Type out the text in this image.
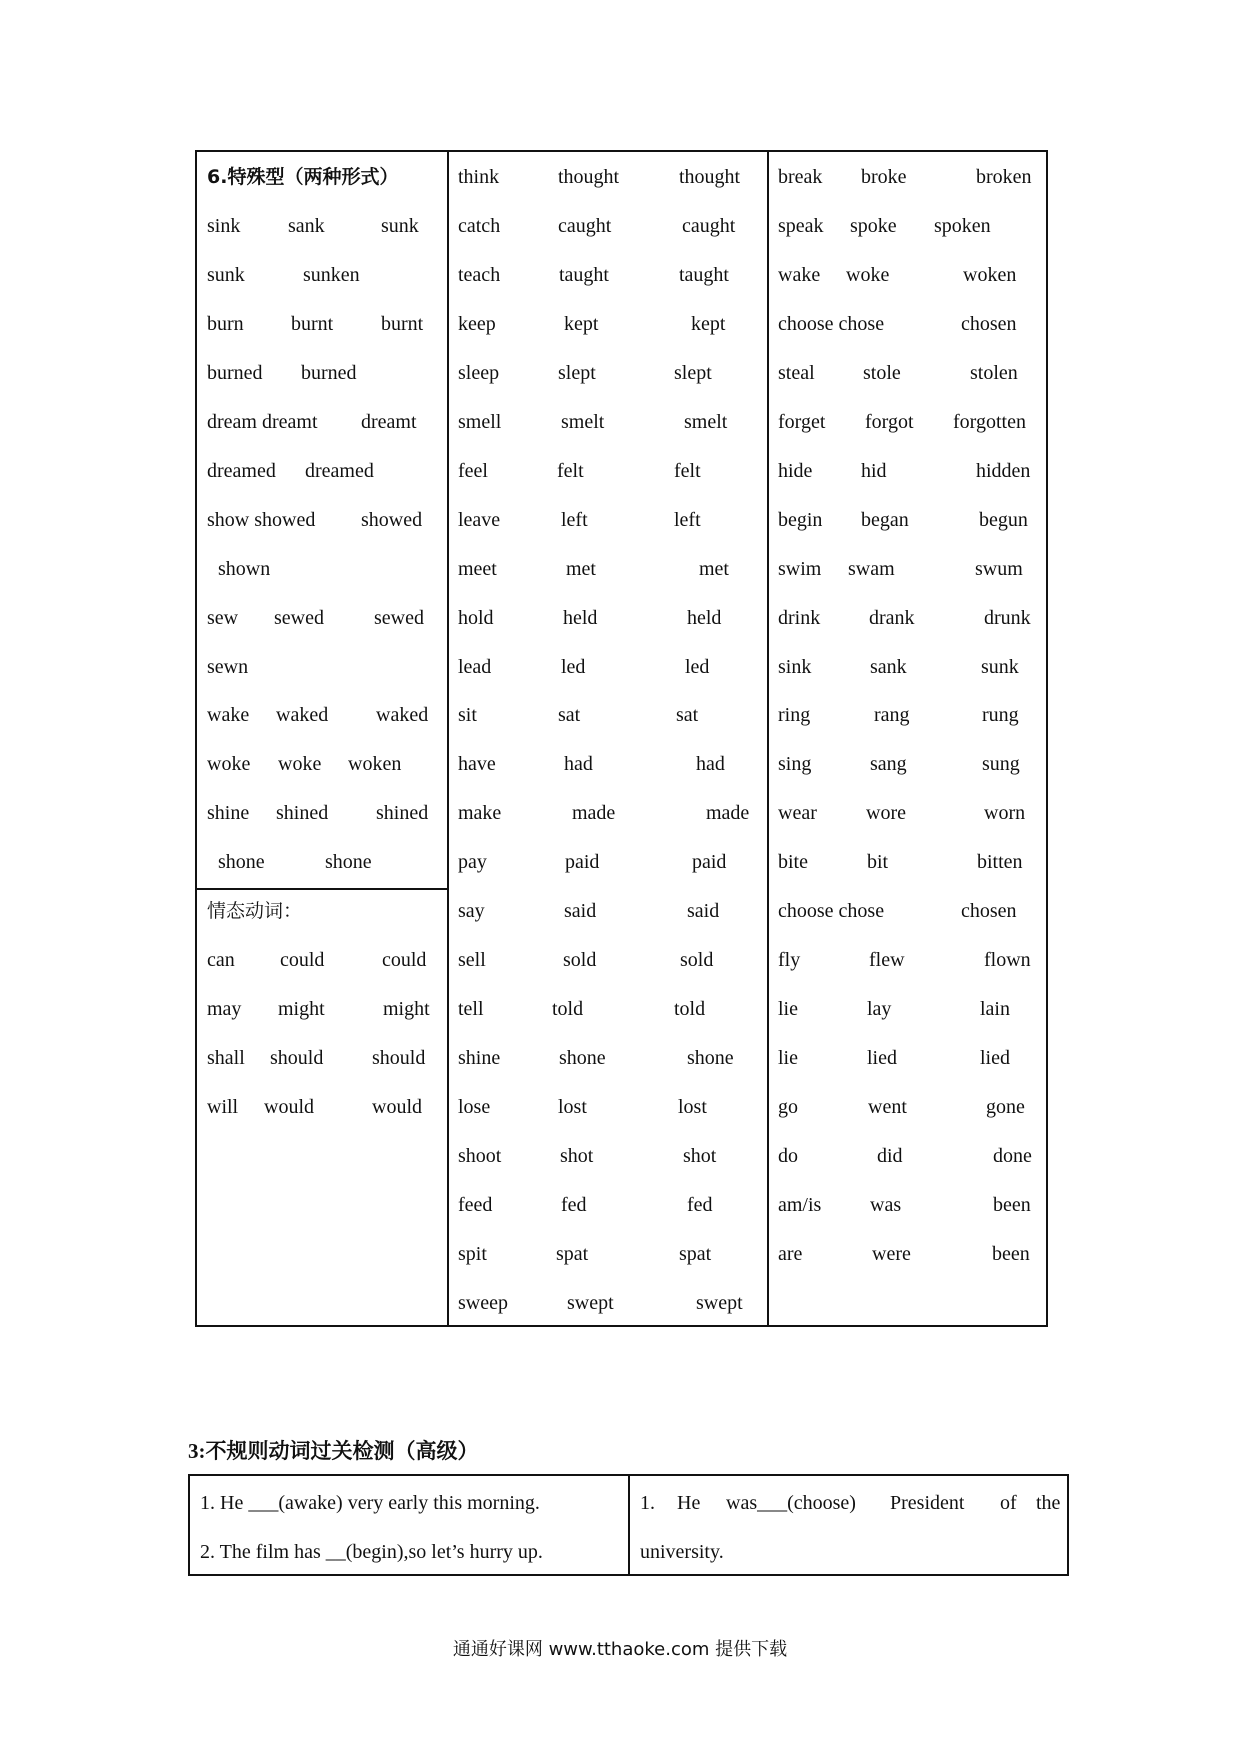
6.特殊型（两种形式）
sink sank	sunk
sunk	sunken
burn burnt burnt
burned burned
dream dreamt dreamt
dreamed dreamed
show showed showed
shown
sew sewed	sewed
sewn
wake waked waked
woke woke woken
shine shined shined
shone	shone
情态动词：
can could	could
may might	might
shall should should
will would	would
think	thought	thought
catch	caught	caught
teach	taught	taught
keep	kept	kept
sleep	slept	slept
smell	smelt	smelt
feel	felt	felt
leave	left	left
meet	met	met
hold	held	held
lead	led	led
sit	sat	sat
have	had	had
make	made	made
pay	paid	paid
say	said	said
sell	sold	sold
tell	told	told
shine	shone	shone
lose	lost	lost
shoot	shot	shot
feed	fed	fed
spit	spat	spat
sweep	swept	swept
break broke	broken
speak spoke spoken
wake woke	woken
choose chose	chosen
steal stole	stolen
forget forgot forgotten
hide hid	hidden
begin began	begun
swim swam	swum
drink drank	drunk
sink	sank	sunk
ring	rang	rung
sing	sang	sung
wear wore	worn
bite	bit	bitten
choose chose	chosen
fly	flew	flown
lie	lay	lain
lie	lied	lied
go	went	gone
do	did	done
am/is was	been
are	were	been
3:不规则动词过关检测（高级）
1. He ___(awake) very early this morning.
2. The film has __(begin),so let’s hurry up.
1. He was___(choose) President of the
university.
通通好课网 www.tthaoke.com 提供下载
